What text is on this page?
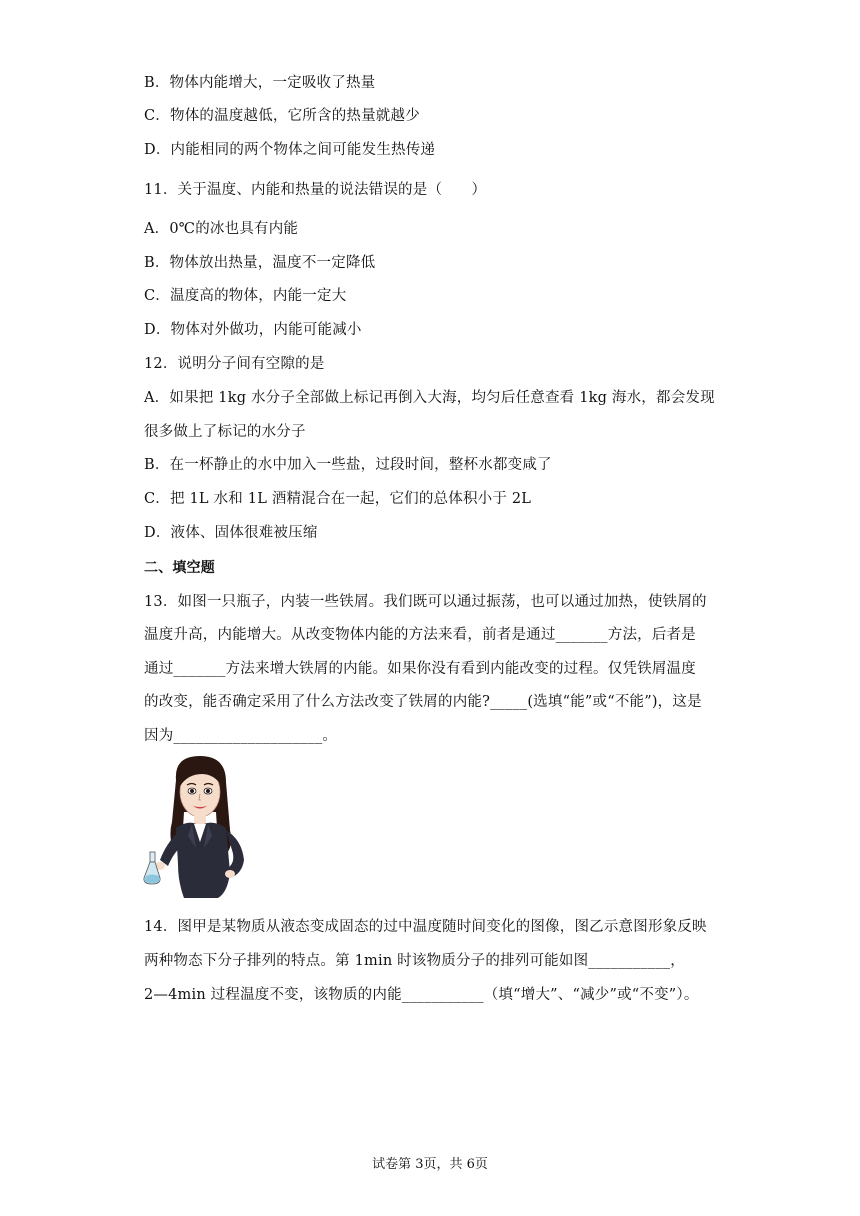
B．物体内能增大，一定吸收了热量
C．物体的温度越低，它所含的热量就越少
D．内能相同的两个物体之间可能发生热传递
11．关于温度、内能和热量的说法错误的是（　　）
A．0℃的冰也具有内能
B．物体放出热量，温度不一定降低
C．温度高的物体，内能一定大
D．物体对外做功，内能可能减小
12．说明分子间有空隙的是
A．如果把 1kg 水分子全部做上标记再倒入大海，均匀后任意查看 1kg 海水，都会发现
很多做上了标记的水分子
B．在一杯静止的水中加入一些盐，过段时间，整杯水都变咸了
C．把 1L 水和 1L 酒精混合在一起，它们的总体积小于 2L
D．液体、固体很难被压缩
二、填空题
13．如图一只瓶子，内装一些铁屑。我们既可以通过振荡，也可以通过加热，使铁屑的
温度升高，内能增大。从改变物体内能的方法来看，前者是通过_______方法，后者是
通过_______方法来增大铁屑的内能。如果你没有看到内能改变的过程。仅凭铁屑温度
的改变，能否确定采用了什么方法改变了铁屑的内能?_____(选填“能”或“不能”)，这是
因为____________________。
14．图甲是某物质从液态变成固态的过中温度随时间变化的图像，图乙示意图形象反映
两种物态下分子排列的特点。第 1min 时该物质分子的排列可能如图___________，
2—4min 过程温度不变，该物质的内能___________（填“增大”、“减少”或“不变”）。
试卷第 3页，共 6页
